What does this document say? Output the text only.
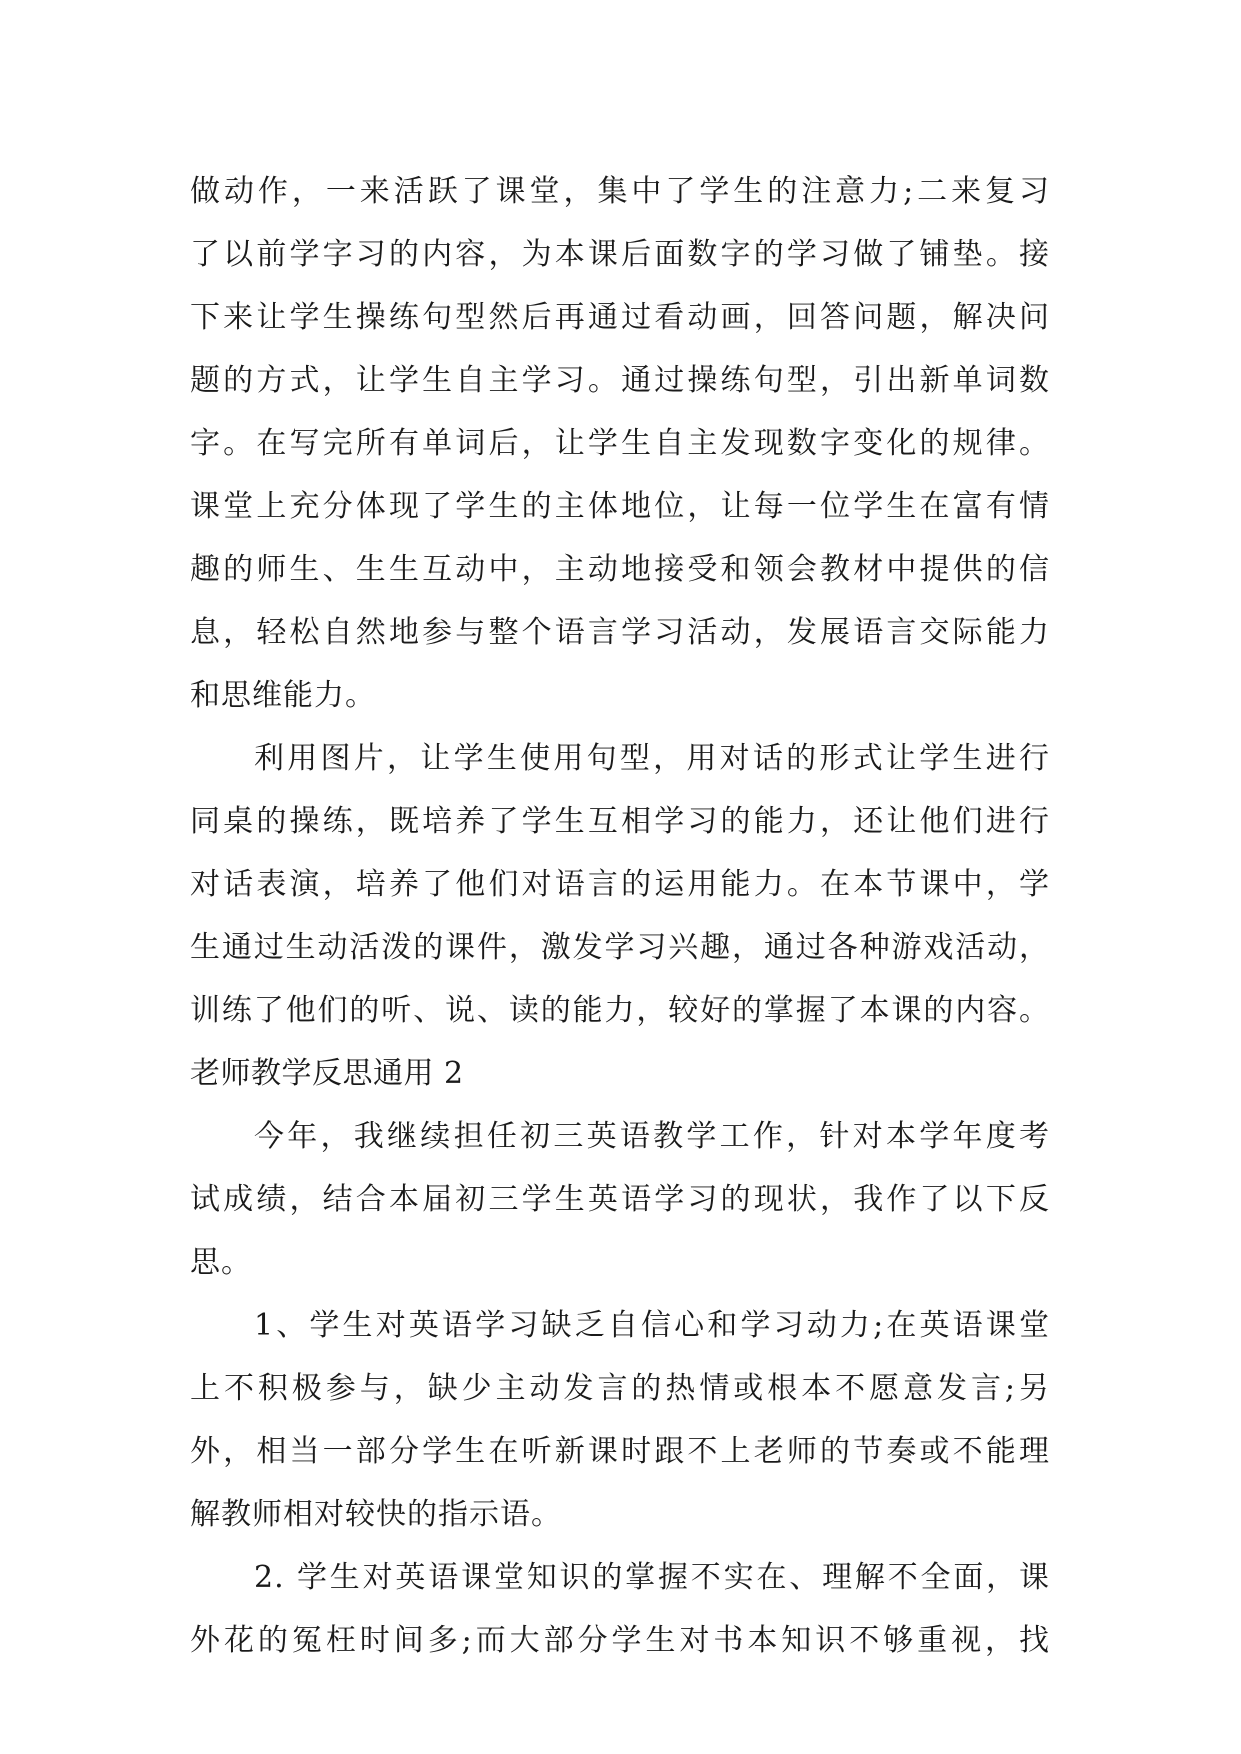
做动作，一来活跃了课堂，集中了学生的注意力;二来复习
了以前学字习的内容，为本课后面数字的学习做了铺垫。接
下来让学生操练句型然后再通过看动画，回答问题，解决问
题的方式，让学生自主学习。通过操练句型，引出新单词数
字。在写完所有单词后，让学生自主发现数字变化的规律。
课堂上充分体现了学生的主体地位，让每一位学生在富有情
趣的师生、生生互动中，主动地接受和领会教材中提供的信
息，轻松自然地参与整个语言学习活动，发展语言交际能力
和思维能力。
利用图片，让学生使用句型，用对话的形式让学生进行
同桌的操练，既培养了学生互相学习的能力，还让他们进行
对话表演，培养了他们对语言的运用能力。在本节课中，学
生通过生动活泼的课件，激发学习兴趣，通过各种游戏活动，
训练了他们的听、说、读的能力，较好的掌握了本课的内容。
老师教学反思通用 2
今年，我继续担任初三英语教学工作，针对本学年度考
试成绩，结合本届初三学生英语学习的现状，我作了以下反
思。
1、学生对英语学习缺乏自信心和学习动力;在英语课堂
上不积极参与，缺少主动发言的热情或根本不愿意发言;另
外，相当一部分学生在听新课时跟不上老师的节奏或不能理
解教师相对较快的指示语。
2. 学生对英语课堂知识的掌握不实在、理解不全面，课
外花的冤枉时间多;而大部分学生对书本知识不够重视，找
